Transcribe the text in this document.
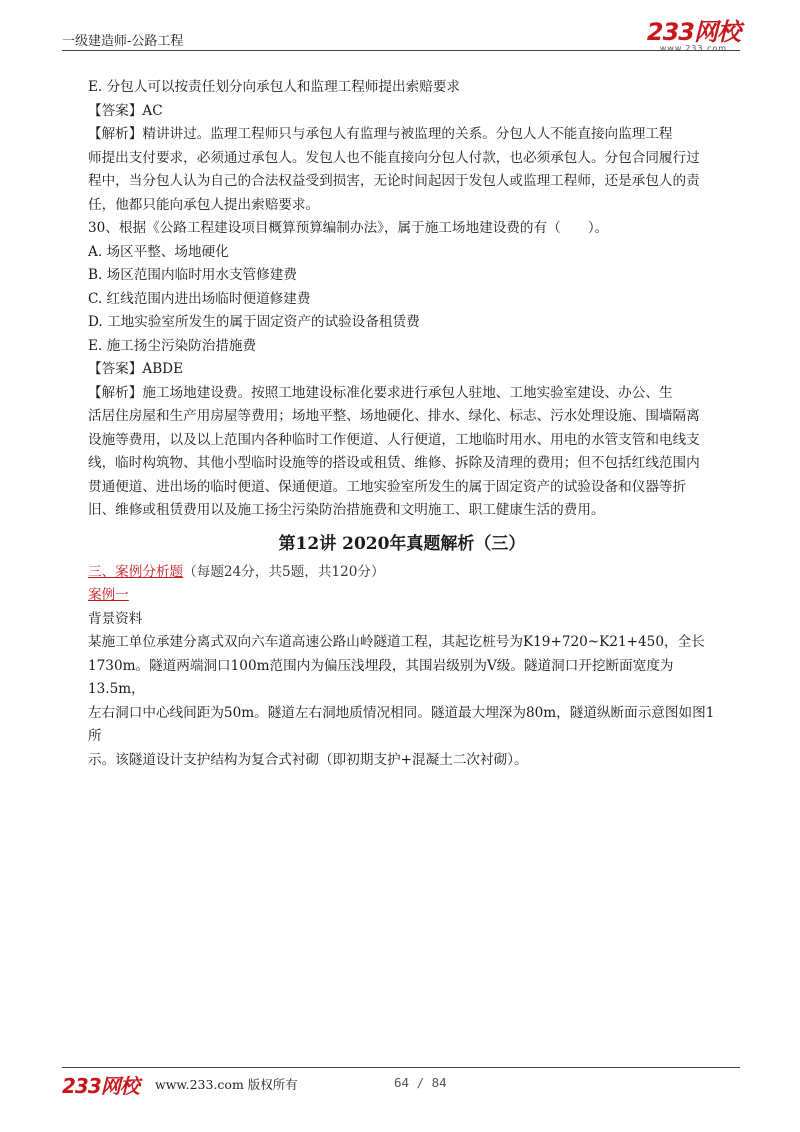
一级建造师-公路工程	233网校
www.233.com

E. 分包人可以按责任划分向承包人和监理工程师提出索赔要求

【答案】AC

【解析】精讲讲过。监理工程师只与承包人有监理与被监理的关系。分包人人不能直接向监理工程

师提出支付要求，必须通过承包人。发包人也不能直接向分包人付款，也必须承包人。分包合同履行过

程中，当分包人认为自己的合法权益受到损害，无论时间起因于发包人或监理工程师，还是承包人的责

任，他都只能向承包人提出索赔要求。

30、根据《公路工程建设项目概算预算编制办法》，属于施工场地建设费的有（　　）。

A. 场区平整、场地硬化

B. 场区范围内临时用水支管修建费

C. 红线范围内进出场临时便道修建费

D. 工地实验室所发生的属于固定资产的试验设备租赁费

E. 施工扬尘污染防治措施费

【答案】ABDE

【解析】施工场地建设费。按照工地建设标准化要求进行承包人驻地、工地实验室建设、办公、生

活居住房屋和生产用房屋等费用；场地平整、场地硬化、排水、绿化、标志、污水处理设施、围墙隔离

设施等费用，以及以上范围内各种临时工作便道、人行便道，工地临时用水、用电的水管支管和电线支

线，临时构筑物、其他小型临时设施等的搭设或租赁、维修、拆除及清理的费用；但不包括红线范围内

贯通便道、进出场的临时便道、保通便道。工地实验室所发生的属于固定资产的试验设备和仪器等折

旧、维修或租赁费用以及施工扬尘污染防治措施费和文明施工、职工健康生活的费用。

第12讲 2020年真题解析（三）

三、案例分析题（每题24分，共5题，共120分）

案例一

背景资料

某施工单位承建分离式双向六车道高速公路山岭隧道工程，其起讫桩号为K19+720~K21+450，全长

1730m。隧道两端洞口100m范围内为偏压浅埋段，其围岩级别为Ⅴ级。隧道洞口开挖断面宽度为13.5m，

左右洞口中心线间距为50m。隧道左右洞地质情况相同。隧道最大埋深为80m，隧道纵断面示意图如图1所

示。该隧道设计支护结构为复合式衬砌（即初期支护+混凝土二次衬砌）。

233网校 www.233.com 版权所有	64 / 84
